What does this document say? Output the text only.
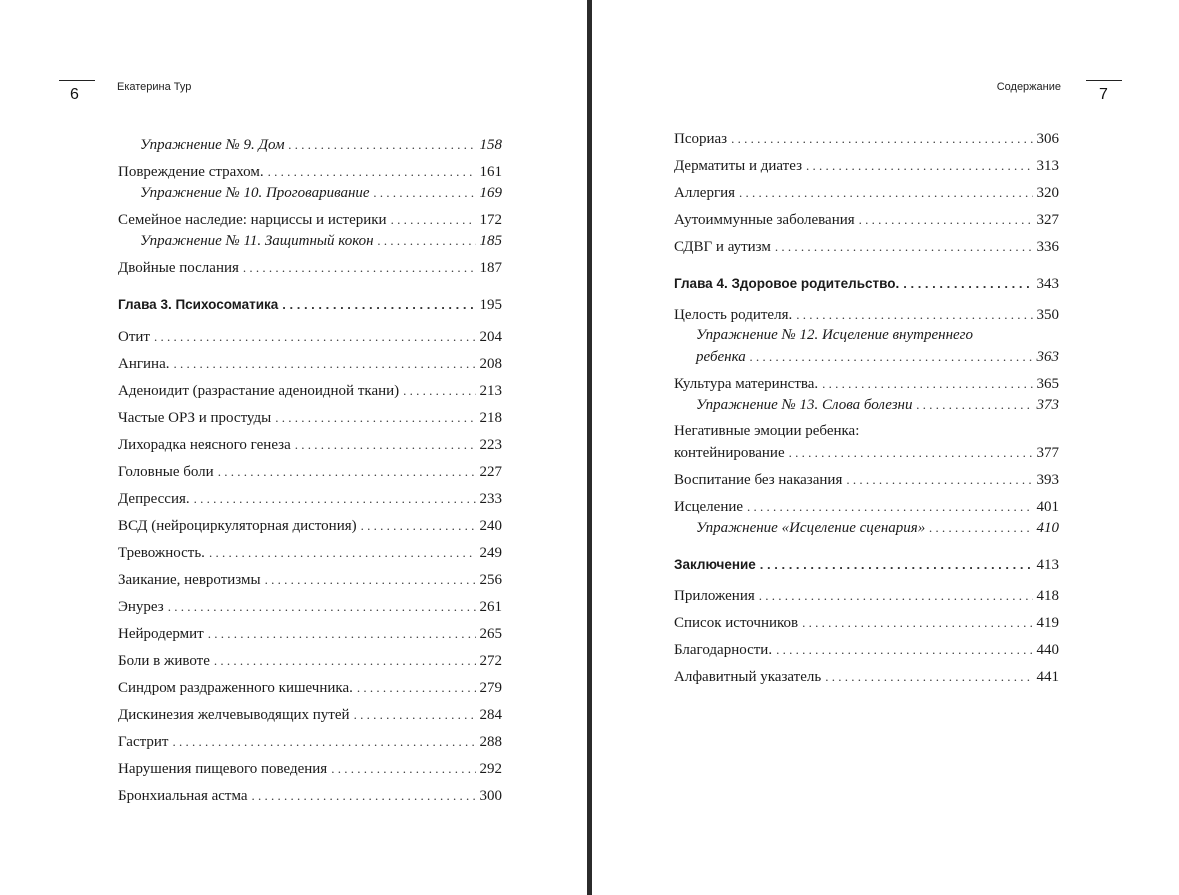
6	Екатерина Тур
Упражнение № 9. Дом . . .	158
Повреждение страхом. . . .	161
Упражнение № 10. Проговаривание . . .	169
Семейное наследие: нарциссы и истерики . . .	172
Упражнение № 11. Защитный кокон . . .	185
Двойные послания . . .	187
Глава 3. Психосоматика . . .	195
Отит . . .	204
Ангина. . . .	208
Аденоидит (разрастание аденоидной ткани) . . .	213
Частые ОРЗ и простуды . . .	218
Лихорадка неясного генеза . . .	223
Головные боли . . .	227
Депрессия. . . .	233
ВСД (нейроциркуляторная дистония) . . .	240
Тревожность. . . .	249
Заикание, невротизмы . . .	256
Энурез . . .	261
Нейродермит . . .	265
Боли в животе . . .	272
Синдром раздраженного кишечника. . . .	279
Дискинезия желчевыводящих путей . . .	284
Гастрит . . .	288
Нарушения пищевого поведения . . .	292
Бронхиальная астма . . .	300
7
Содержание
Псориаз . . .	306
Дерматиты и диатез . . .	313
Аллергия . . .	320
Аутоиммунные заболевания . . .	327
СДВГ и аутизм . . .	336
Глава 4. Здоровое родительство. . . .	343
Целость родителя. . . .	350
Упражнение № 12. Исцеление внутреннего
ребенка . . .	363
Культура материнства. . . .	365
Упражнение № 13. Слова болезни . . .	373
Негативные эмоции ребенка:
контейнирование . . .	377
Воспитание без наказания . . .	393
Исцеление . . .	401
Упражнение «Исцеление сценария» . . .	410
Заключение . . .	413
Приложения . . .	418
Список источников . . .	419
Благодарности. . . .	440
Алфавитный указатель . . .	441
